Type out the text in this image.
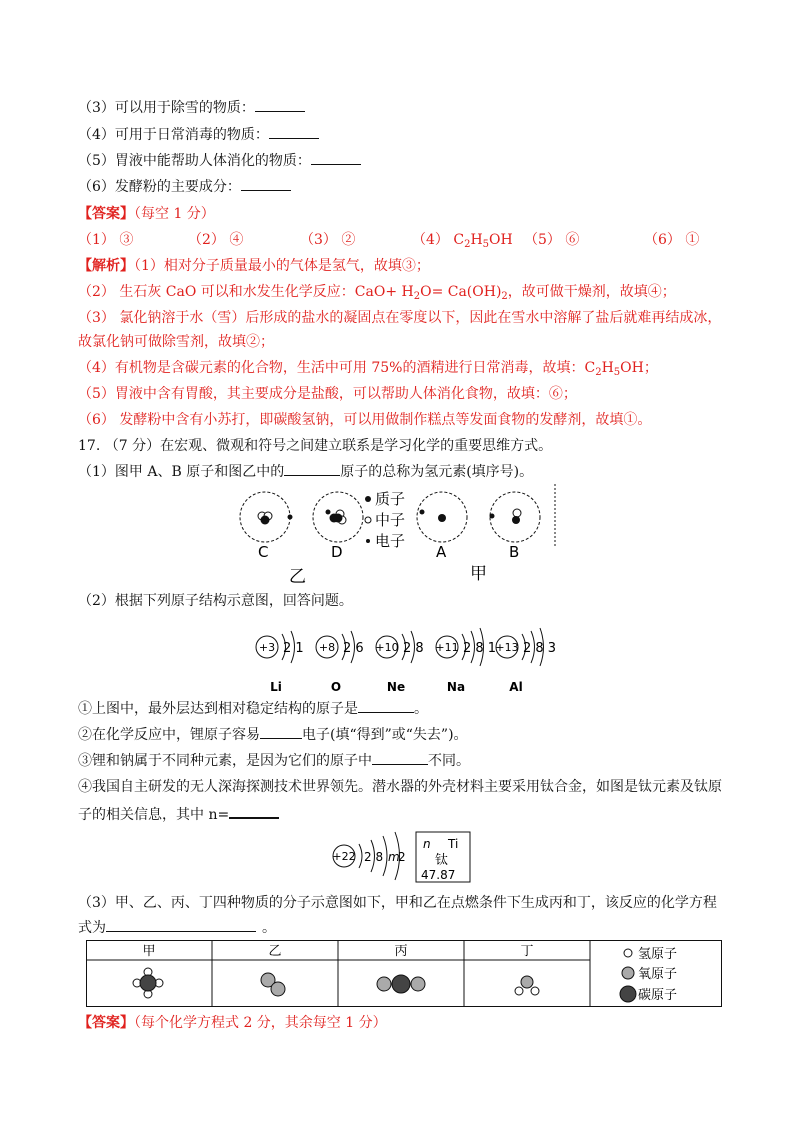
（3）可以用于除雪的物质：
（4）可用于日常消毒的物质：
（5）胃液中能帮助人体消化的物质：
（6）发酵粉的主要成分：
【答案】（每空 1 分）
（1） ③	（2） ④	（3） ②	（4） $C_2H_5OH$ （5） ⑥	（6） ①
【解析】（1）相对分子质量最小的气体是氢气，故填③；
（2） 生石灰 CaO 可以和水发生化学反应：$CaO+ H_2O= Ca(OH)_2$，故可做干燥剂，故填④；
（3） 氯化钠溶于水（雪）后形成的盐水的凝固点在零度以下，因此在雪水中溶解了盐后就难再结成冰，
故氯化钠可做除雪剂，故填②；
（4）有机物是含碳元素的化合物，生活中可用 75%的酒精进行日常消毒，故填：$C_2H_5OH$；
（5）胃液中含有胃酸，其主要成分是盐酸，可以帮助人体消化食物，故填：⑥；
（6） 发酵粉中含有小苏打，即碳酸氢钠，可以用做制作糕点等发面食物的发酵剂，故填①。
17. （7 分）在宏观、微观和符号之间建立联系是学习化学的重要思维方式。
（1）图甲 A、B 原子和图乙中的	原子的总称为氢元素(填序号)。
质子
中子
电子
C	D	A	B
乙	甲
（2）根据下列原子结构示意图，回答问题。
+3 2 1
Li
+8 2 6
O
+10 2 8
Ne
+11 2 8 1
Na
+13 2 8 3
Al
①上图中，最外层达到相对稳定结构的原子是	。
②在化学反应中，锂原子容易	电子(填“得到”或“失去”)。
③锂和钠属于不同种元素，是因为它们的原子中	不同。
④我国自主研发的无人深海探测技术世界领先。潜水器的外壳材料主要采用钛合金，如图是钛元素及钛原
子的相关信息，其中 n=
+22 2 8 m
2
n Ti
钛
47.87
（3）甲、乙、丙、丁四种物质的分子示意图如下，甲和乙在点燃条件下生成丙和丁，该反应的化学方程
式为	。
甲	乙	丙	丁	氢原子
氧原子
碳原子
【答案】（每个化学方程式 2 分，其余每空 1 分）
